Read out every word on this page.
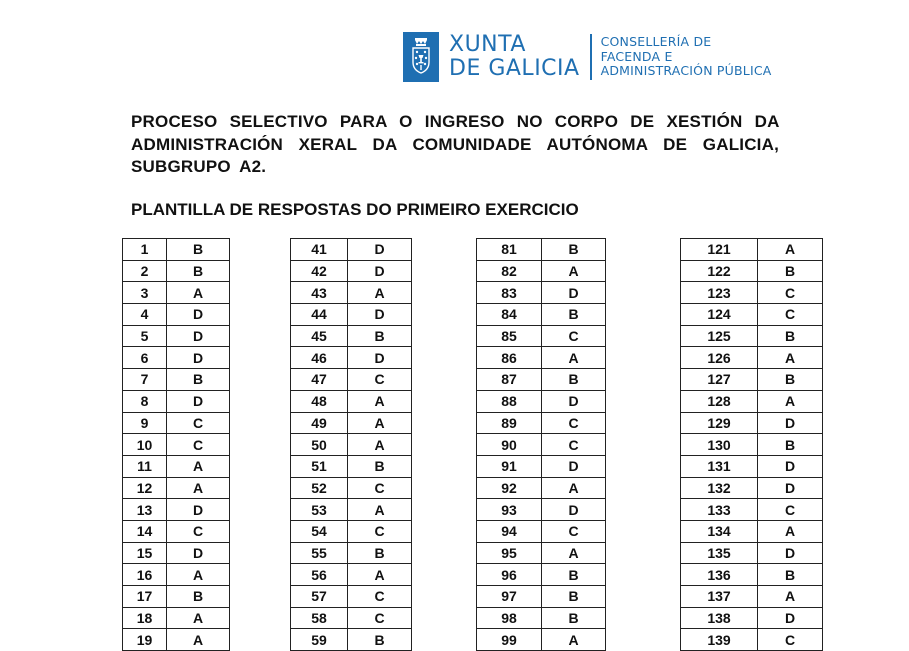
XUNTA
DE GALICIA
CONSELLERÍA DE
FACENDA E
ADMINISTRACIÓN PÚBLICA
PROCESO SELECTIVO PARA O INGRESO NO CORPO DE XESTIÓN DA ADMINISTRACIÓN XERAL DA COMUNIDADE AUTÓNOMA DE GALICIA, SUBGRUPO A2.
PLANTILLA DE RESPOSTAS DO PRIMEIRO EXERCICIO
1	B
2	B
3	A
4	D
5	D
6	D
7	B
8	D
9	C
10	C
11	A
12	A
13	D
14	C
15	D
16	A
17	B
18	A
19	A
41	D
42	D
43	A
44	D
45	B
46	D
47	C
48	A
49	A
50	A
51	B
52	C
53	A
54	C
55	B
56	A
57	C
58	C
59	B
81	B
82	A
83	D
84	B
85	C
86	A
87	B
88	D
89	C
90	C
91	D
92	A
93	D
94	C
95	A
96	B
97	B
98	B
99	A
121	A
122	B
123	C
124	C
125	B
126	A
127	B
128	A
129	D
130	B
131	D
132	D
133	C
134	A
135	D
136	B
137	A
138	D
139	C
